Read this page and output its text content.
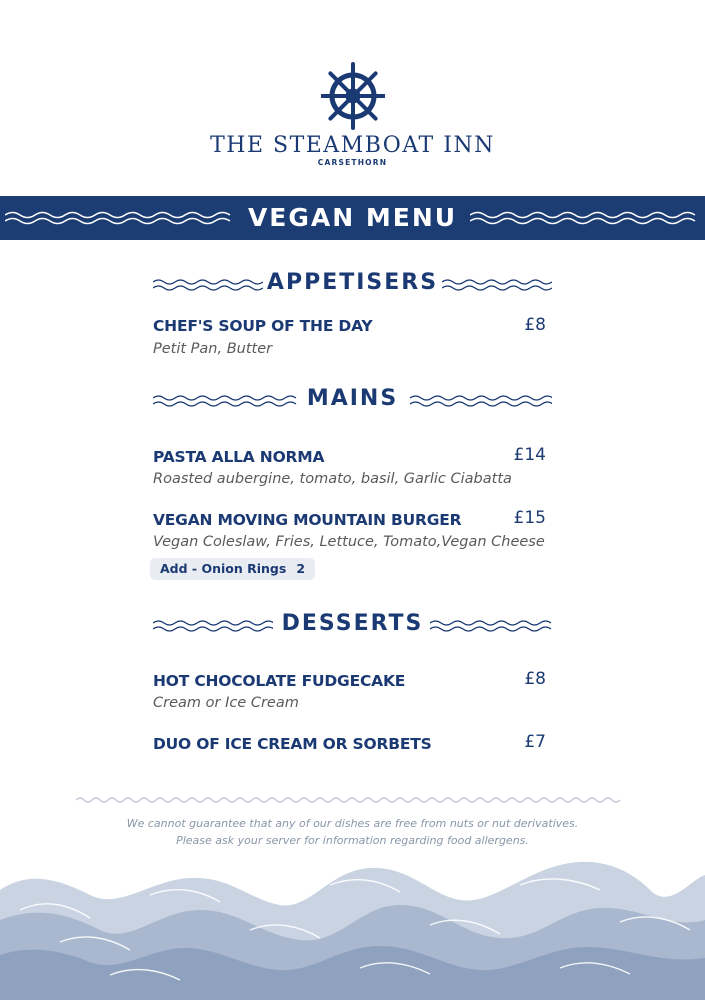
THE STEAMBOAT INN
CARSETHORN
VEGAN MENU
APPETISERS
CHEF'S SOUP OF THE DAY	£8
Petit Pan, Butter
MAINS
PASTA ALLA NORMA	£14
Roasted aubergine, tomato, basil, Garlic Ciabatta
VEGAN MOVING MOUNTAIN BURGER	£15
Vegan Coleslaw, Fries, Lettuce, Tomato,Vegan Cheese
Add - Onion Rings 2
DESSERTS
HOT CHOCOLATE FUDGECAKE	£8
Cream or Ice Cream
DUO OF ICE CREAM OR SORBETS	£7
We cannot guarantee that any of our dishes are free from nuts or nut derivatives.
Please ask your server for information regarding food allergens.
